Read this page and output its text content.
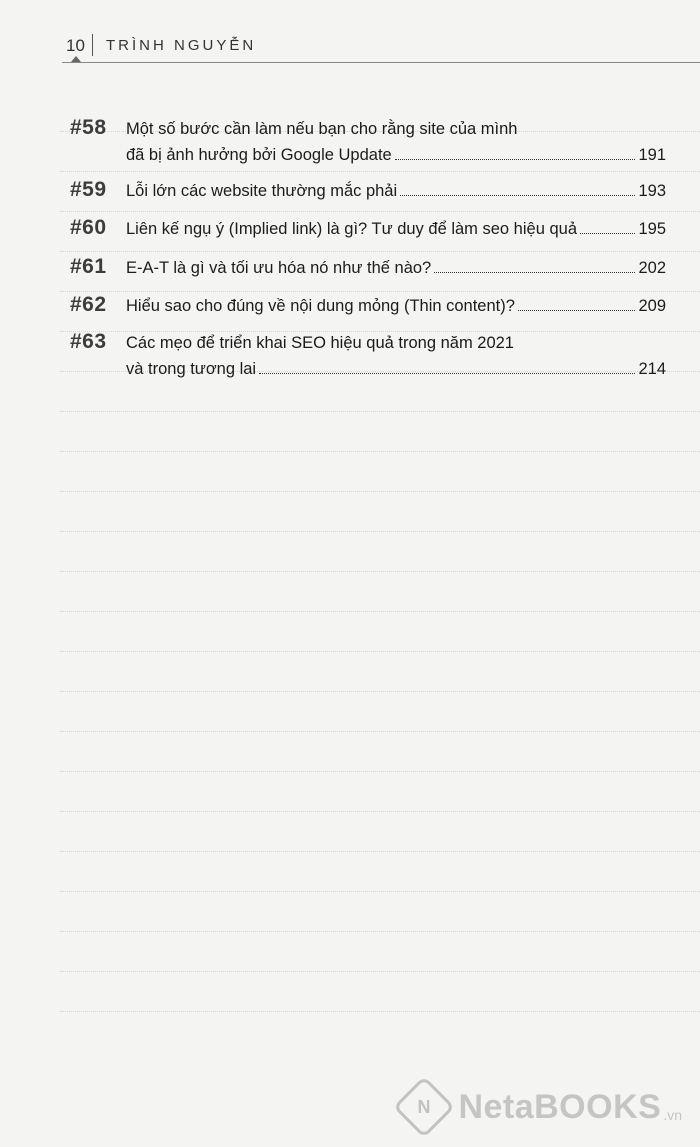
10 TRÌNH NGUYỄN
#58 Một số bước cần làm nếu bạn cho rằng site của mình
đã bị ảnh hưởng bởi Google Update	191
#59 Lỗi lớn các website thường mắc phải	193
#60 Liên kế ngụ ý (Implied link) là gì? Tư duy để làm seo hiệu quả	195
#61 E-A-T là gì và tối ưu hóa nó như thế nào?	202
#62 Hiểu sao cho đúng về nội dung mỏng (Thin content)?	209
#63 Các mẹo để triển khai SEO hiệu quả trong năm 2021
và trong tương lai	214
N NetaBOOKS .vn
